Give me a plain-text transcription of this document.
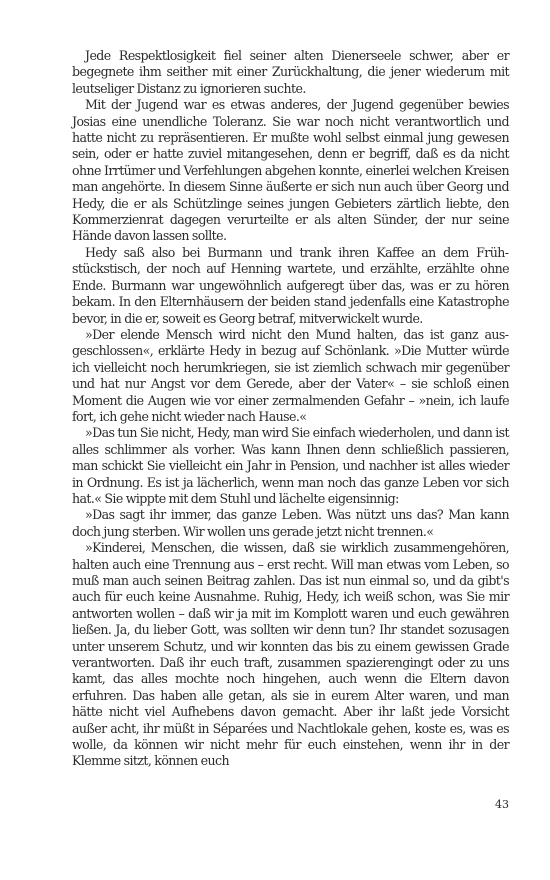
Jede Respektlosigkeit fiel seiner alten Dienerseele schwer, aber er begegnete ihm seither mit einer Zurückhaltung, die jener wiederum mit leutseliger Distanz zu ignorieren suchte.

Mit der Jugend war es etwas anderes, der Jugend gegenüber bewies Josias eine unendliche Toleranz. Sie war noch nicht verantwortlich und hatte nicht zu repräsentieren. Er mußte wohl selbst einmal jung gewesen sein, oder er hatte zuviel mitangesehen, denn er begriff, daß es da nicht ohne Irrtümer und Verfehlungen abgehen konnte, einerlei welchen Kreisen man angehörte. In diesem Sinne äußerte er sich nun auch über Georg und Hedy, die er als Schützlinge seines jungen Gebieters zärtlich liebte, den Kommerzienrat dagegen verurteilte er als alten Sünder, der nur seine Hände davon lassen sollte.

Hedy saß also bei Burmann und trank ihren Kaffee an dem Frühstückstisch, der noch auf Henning wartete, und erzählte, erzählte ohne Ende. Burmann war ungewöhnlich aufgeregt über das, was er zu hören bekam. In den Elternhäusern der beiden stand jedenfalls eine Katastrophe bevor, in die er, soweit es Georg betraf, mitverwickelt wurde.

»Der elende Mensch wird nicht den Mund halten, das ist ganz ausgeschlossen«, erklärte Hedy in bezug auf Schönlank. »Die Mutter würde ich vielleicht noch herumkriegen, sie ist ziemlich schwach mir gegenüber und hat nur Angst vor dem Gerede, aber der Vater« – sie schloß einen Moment die Augen wie vor einer zermalmenden Gefahr – »nein, ich laufe fort, ich gehe nicht wieder nach Hause.«

»Das tun Sie nicht, Hedy, man wird Sie einfach wiederholen, und dann ist alles schlimmer als vorher. Was kann Ihnen denn schließlich passieren, man schickt Sie vielleicht ein Jahr in Pension, und nachher ist alles wieder in Ordnung. Es ist ja lächerlich, wenn man noch das ganze Leben vor sich hat.« Sie wippte mit dem Stuhl und lächelte eigensinnig:

»Das sagt ihr immer, das ganze Leben. Was nützt uns das? Man kann doch jung sterben. Wir wollen uns gerade jetzt nicht trennen.«

»Kinderei, Menschen, die wissen, daß sie wirklich zusammengehören, halten auch eine Trennung aus – erst recht. Will man etwas vom Leben, so muß man auch seinen Beitrag zahlen. Das ist nun einmal so, und da gibt's auch für euch keine Ausnahme. Ruhig, Hedy, ich weiß schon, was Sie mir antworten wollen – daß wir ja mit im Komplott waren und euch gewähren ließen. Ja, du lieber Gott, was sollten wir denn tun? Ihr standet sozusagen unter unserem Schutz, und wir konnten das bis zu einem gewissen Grade verantworten. Daß ihr euch traft, zusammen spazierengingt oder zu uns kamt, das alles mochte noch hingehen, auch wenn die Eltern davon erfuhren. Das haben alle getan, als sie in eurem Alter waren, und man hätte nicht viel Aufhebens davon gemacht. Aber ihr laßt jede Vorsicht außer acht, ihr müßt in Séparées und Nachtlokale gehen, koste es, was es wolle, da können wir nicht mehr für euch einstehen, wenn ihr in der Klemme sitzt, können euch

43
